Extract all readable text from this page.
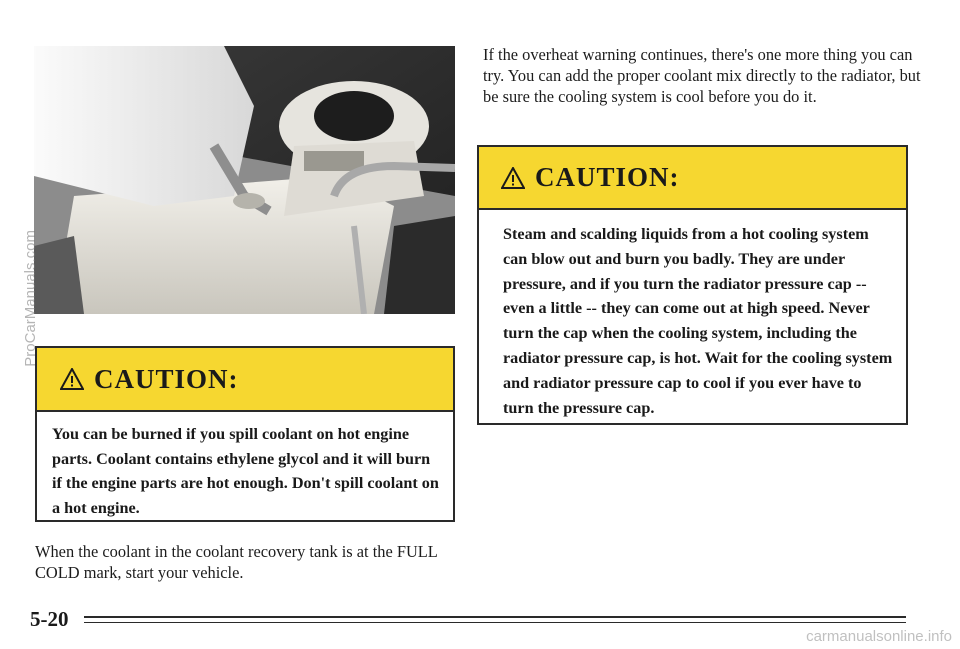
CAUTION:
You can be burned if you spill coolant on hot engine parts. Coolant contains ethylene glycol and it will burn if the engine parts are hot enough. Don't spill coolant on a hot engine.
If the overheat warning continues, there's one more thing you can try. You can add the proper coolant mix directly to the radiator, but be sure the cooling system is cool before you do it.
CAUTION:
Steam and scalding liquids from a hot cooling system can blow out and burn you badly. They are under pressure, and if you turn the radiator pressure cap -- even a little -- they can come out at high speed. Never turn the cap when the cooling system, including the radiator pressure cap, is hot. Wait for the cooling system and radiator pressure cap to cool if you ever have to turn the pressure cap.
When the coolant in the coolant recovery tank is at the FULL COLD mark, start your vehicle.
5-20
ProCarManuals.com
carmanualsonline.info
